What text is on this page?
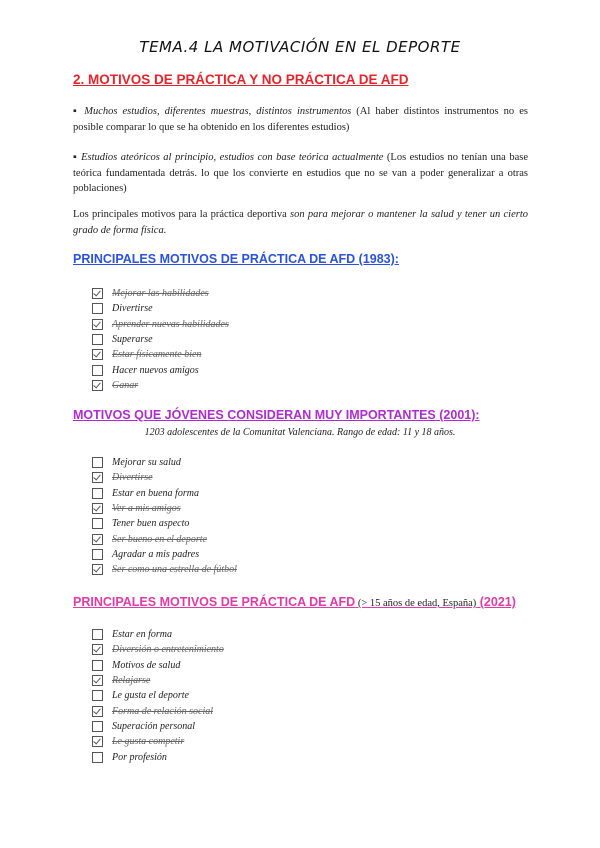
TEMA.4 LA MOTIVACIÓN EN EL DEPORTE
2. MOTIVOS DE PRÁCTICA Y NO PRÁCTICA DE AFD
▪ Muchos estudios, diferentes muestras, distintos instrumentos (Al haber distintos instrumentos no es posible comparar lo que se ha obtenido en los diferentes estudios)
▪ Estudios ateóricos al principio, estudios con base teórica actualmente (Los estudios no tenían una base teórica fundamentada detrás. lo que los convierte en estudios que no se van a poder generalizar a otras poblaciones)
Los principales motivos para la práctica deportiva son para mejorar o mantener la salud y tener un cierto grado de forma física.
PRINCIPALES MOTIVOS DE PRÁCTICA DE AFD (1983):
Mejorar las habilidades
Divertirse
Aprender nuevas habilidades
Superarse
Estar físicamente bien
Hacer nuevos amigos
Ganar
MOTIVOS QUE JÓVENES CONSIDERAN MUY IMPORTANTES (2001):
1203 adolescentes de la Comunitat Valenciana. Rango de edad: 11 y 18 años.
Mejorar su salud
Divertirse
Estar en buena forma
Ver a mis amigos
Tener buen aspecto
Ser bueno en el deporte
Agradar a mis padres
Ser como una estrella de fútbol
PRINCIPALES MOTIVOS DE PRÁCTICA DE AFD (> 15 años de edad, España) (2021)
Estar en forma
Diversión o entretenimiento
Motivos de salud
Relajarse
Le gusta el deporte
Forma de relación social
Superación personal
Le gusta competir
Por profesión
